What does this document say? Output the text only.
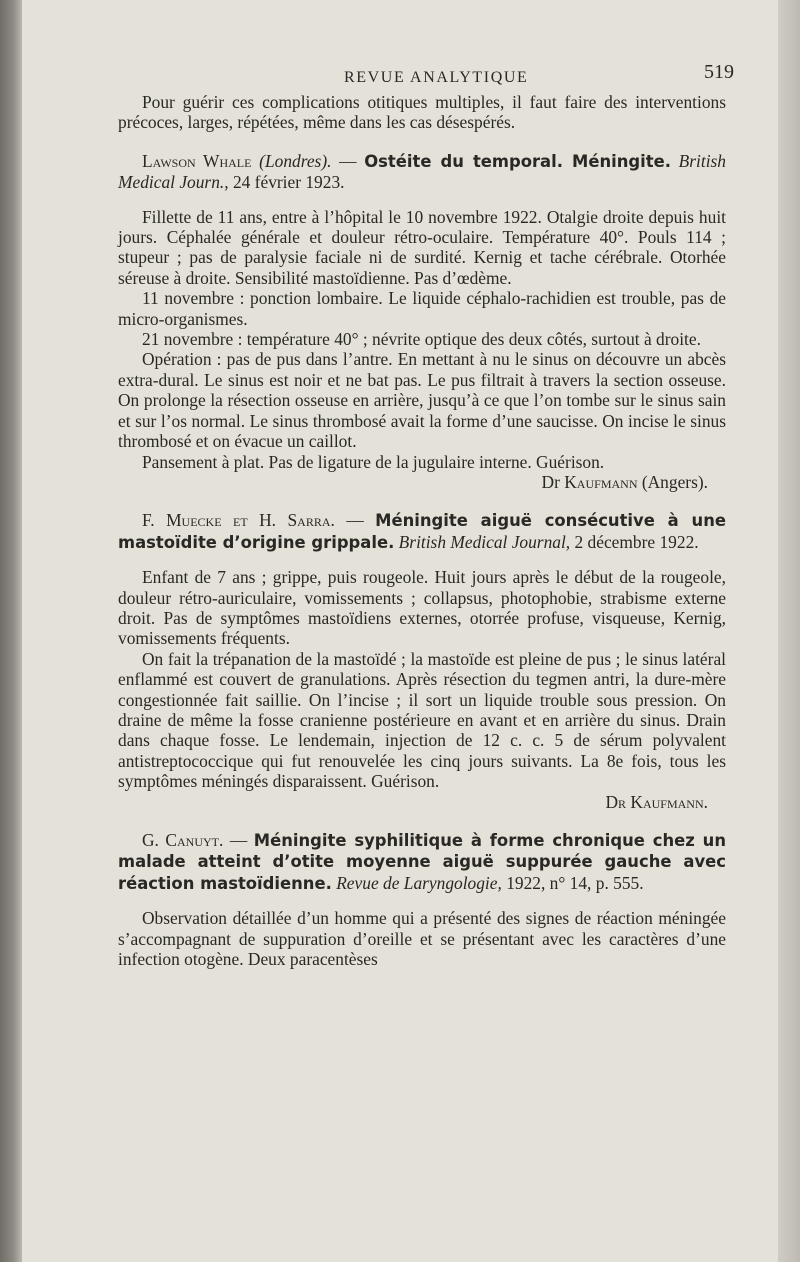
REVUE ANALYTIQUE	519

Pour guérir ces complications otitiques multiples, il faut faire des interventions précoces, larges, répétées, même dans les cas désespérés.

Lawson Whale (Londres). — Ostéite du temporal. Méningite. British Medical Journ., 24 février 1923.

Fillette de 11 ans, entre à l’hôpital le 10 novembre 1922. Otalgie droite depuis huit jours. Céphalée générale et douleur rétro-oculaire. Température 40°. Pouls 114 ; stupeur ; pas de paralysie faciale ni de surdité. Kernig et tache cérébrale. Otorhée séreuse à droite. Sensibilité mastoïdienne. Pas d’œdème.

11 novembre : ponction lombaire. Le liquide céphalo-rachidien est trouble, pas de micro-organismes.

21 novembre : température 40° ; névrite optique des deux côtés, surtout à droite.

Opération : pas de pus dans l’antre. En mettant à nu le sinus on découvre un abcès extra-dural. Le sinus est noir et ne bat pas. Le pus filtrait à travers la section osseuse. On prolonge la résection osseuse en arrière, jusqu’à ce que l’on tombe sur le sinus sain et sur l’os normal. Le sinus thrombosé avait la forme d’une saucisse. On incise le sinus thrombosé et on évacue un caillot.

Pansement à plat. Pas de ligature de la jugulaire interne. Guérison.

Dr Kaufmann (Angers).

F. Muecke et H. Sarra. — Méningite aiguë consécutive à une mastoïdite d’origine grippale. British Medical Journal, 2 décembre 1922.

Enfant de 7 ans ; grippe, puis rougeole. Huit jours après le début de la rougeole, douleur rétro-auriculaire, vomissements ; collapsus, photophobie, strabisme externe droit. Pas de symptômes mastoïdiens externes, otorrée profuse, visqueuse, Kernig, vomissements fréquents.

On fait la trépanation de la mastoïdé ; la mastoïde est pleine de pus ; le sinus latéral enflammé est couvert de granulations. Après résection du tegmen antri, la dure-mère congestionnée fait saillie. On l’incise ; il sort un liquide trouble sous pression. On draine de même la fosse cranienne postérieure en avant et en arrière du sinus. Drain dans chaque fosse. Le lendemain, injection de 12 c. c. 5 de sérum polyvalent antistreptococcique qui fut renouvelée les cinq jours suivants. La 8e fois, tous les symptômes méningés disparaissent. Guérison.

Dr Kaufmann.

G. Canuyt. — Méningite syphilitique à forme chronique chez un malade atteint d’otite moyenne aiguë suppurée gauche avec réaction mastoïdienne. Revue de Laryngologie, 1922, n° 14, p. 555.

Observation détaillée d’un homme qui a présenté des signes de réaction méningée s’accompagnant de suppuration d’oreille et se présentant avec les caractères d’une infection otogène. Deux paracentèses
